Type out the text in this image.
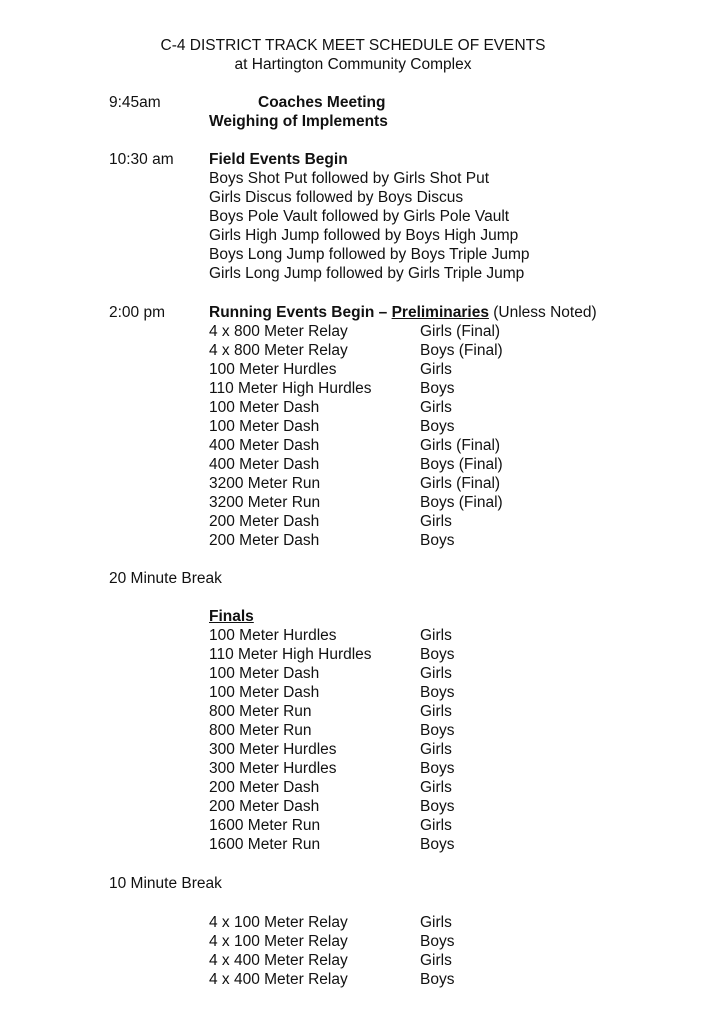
C-4 DISTRICT TRACK MEET SCHEDULE OF EVENTS
at Hartington Community Complex
9:45am	Coaches Meeting
Weighing of Implements
10:30 am Field Events Begin
Boys Shot Put followed by Girls Shot Put
Girls Discus followed by Boys Discus
Boys Pole Vault followed by Girls Pole Vault
Girls High Jump followed by Boys High Jump
Boys Long Jump followed by Boys Triple Jump
Girls Long Jump followed by Girls Triple Jump
2:00 pm	Running Events Begin – Preliminaries (Unless Noted)
4 x 800 Meter Relay	Girls (Final)
4 x 800 Meter Relay	Boys (Final)
100 Meter Hurdles	Girls
110 Meter High Hurdles	Boys
100 Meter Dash	Girls
100 Meter Dash	Boys
400 Meter Dash	Girls (Final)
400 Meter Dash	Boys (Final)
3200 Meter Run	Girls (Final)
3200 Meter Run	Boys (Final)
200 Meter Dash	Girls
200 Meter Dash	Boys
20 Minute Break
Finals
100 Meter Hurdles	Girls
110 Meter High Hurdles	Boys
100 Meter Dash	Girls
100 Meter Dash	Boys
800 Meter Run	Girls
800 Meter Run	Boys
300 Meter Hurdles	Girls
300 Meter Hurdles	Boys
200 Meter Dash	Girls
200 Meter Dash	Boys
1600 Meter Run	Girls
1600 Meter Run	Boys
10 Minute Break
4 x 100 Meter Relay	Girls
4 x 100 Meter Relay	Boys
4 x 400 Meter Relay	Girls
4 x 400 Meter Relay	Boys
